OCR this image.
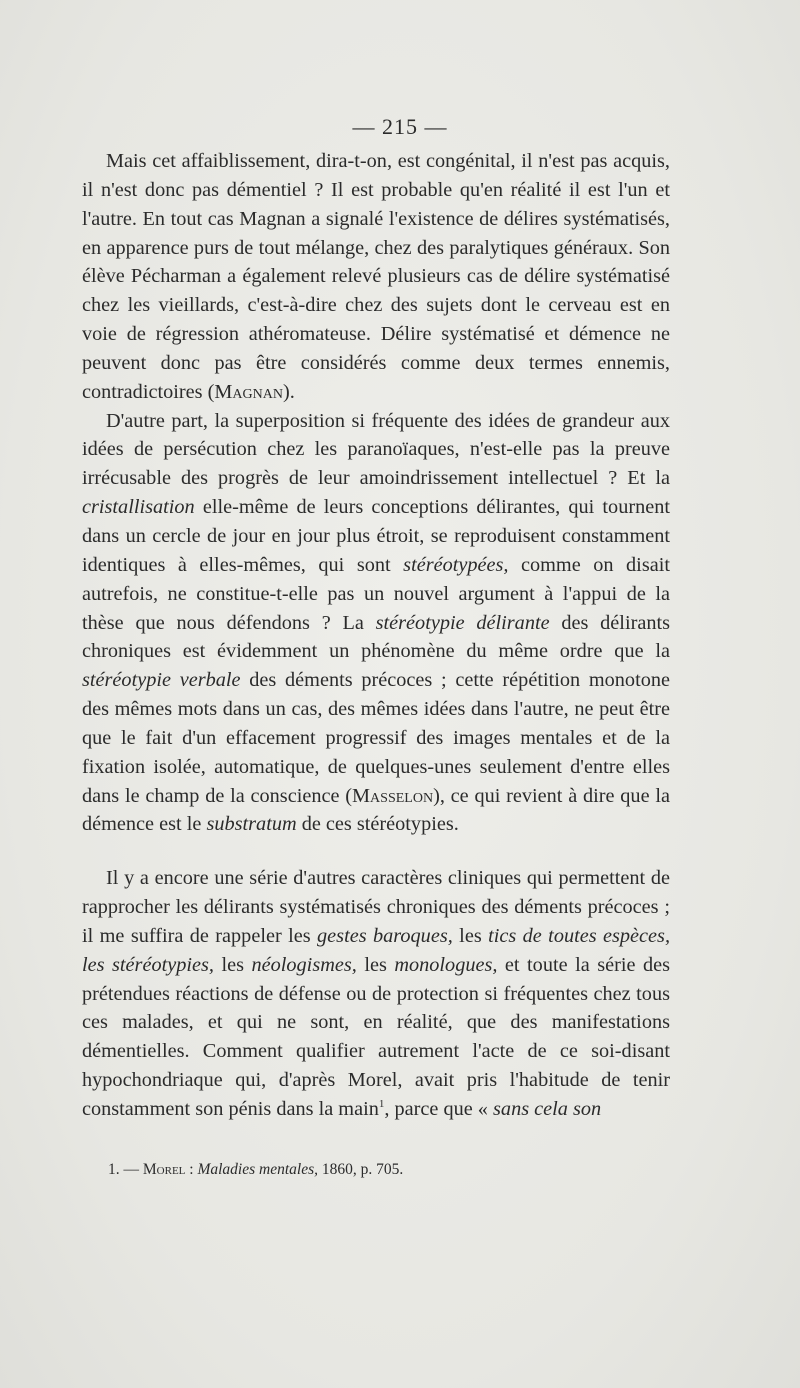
— 215 —

Mais cet affaiblissement, dira-t-on, est congénital, il n'est pas acquis, il n'est donc pas démentiel ? Il est probable qu'en réalité il est l'un et l'autre. En tout cas Magnan a signalé l'existence de délires systématisés, en apparence purs de tout mélange, chez des paralytiques généraux. Son élève Pécharman a également relevé plusieurs cas de délire systématisé chez les vieillards, c'est-à-dire chez des sujets dont le cerveau est en voie de régression athéromateuse. Délire systématisé et démence ne peuvent donc pas être considérés comme deux termes ennemis, contradictoires (Magnan).

D'autre part, la superposition si fréquente des idées de grandeur aux idées de persécution chez les paranoïaques, n'est-elle pas la preuve irrécusable des progrès de leur amoindrissement intellectuel ? Et la cristallisation elle-même de leurs conceptions délirantes, qui tournent dans un cercle de jour en jour plus étroit, se reproduisent constamment identiques à elles-mêmes, qui sont stéréotypées, comme on disait autrefois, ne constitue-t-elle pas un nouvel argument à l'appui de la thèse que nous défendons ? La stéréotypie délirante des délirants chroniques est évidemment un phénomène du même ordre que la stéréotypie verbale des déments précoces ; cette répétition monotone des mêmes mots dans un cas, des mêmes idées dans l'autre, ne peut être que le fait d'un effacement progressif des images mentales et de la fixation isolée, automatique, de quelques-unes seulement d'entre elles dans le champ de la conscience (Masselon), ce qui revient à dire que la démence est le substratum de ces stéréotypies.

Il y a encore une série d'autres caractères cliniques qui permettent de rapprocher les délirants systématisés chroniques des déments précoces ; il me suffira de rappeler les gestes baroques, les tics de toutes espèces, les stéréotypies, les néologismes, les monologues, et toute la série des prétendues réactions de défense ou de protection si fréquentes chez tous ces malades, et qui ne sont, en réalité, que des manifestations démentielles. Comment qualifier autrement l'acte de ce soi-disant hypochondriaque qui, d'après Morel, avait pris l'habitude de tenir constamment son pénis dans la main$^1$, parce que « sans cela son

1. — Morel : Maladies mentales, 1860, p. 705.
